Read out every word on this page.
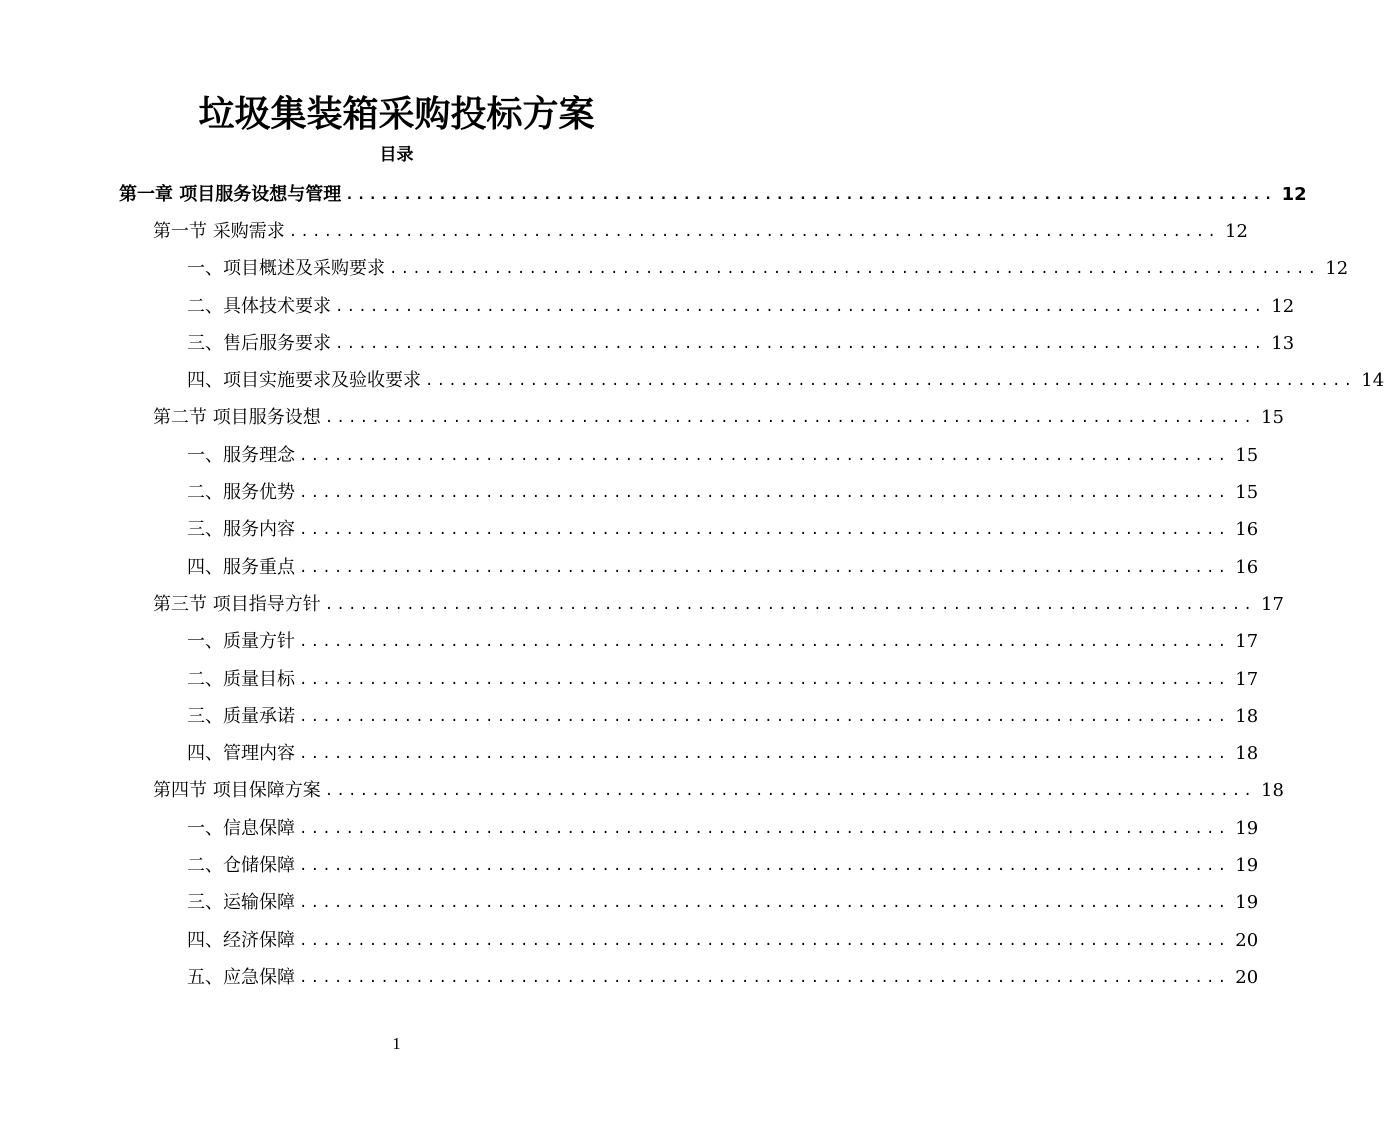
垃圾集装箱采购投标方案
目录
第一章 项目服务设想与管理 ................................................................................ 12
第一节 采购需求 ................................................................................ 12
一、项目概述及采购要求 ................................................................................ 12
二、具体技术要求 ................................................................................ 12
三、售后服务要求 ................................................................................ 13
四、项目实施要求及验收要求 ................................................................................ 14
第二节 项目服务设想 ................................................................................ 15
一、服务理念 ................................................................................ 15
二、服务优势 ................................................................................ 15
三、服务内容 ................................................................................ 16
四、服务重点 ................................................................................ 16
第三节 项目指导方针 ................................................................................ 17
一、质量方针 ................................................................................ 17
二、质量目标 ................................................................................ 17
三、质量承诺 ................................................................................ 18
四、管理内容 ................................................................................ 18
第四节 项目保障方案 ................................................................................ 18
一、信息保障 ................................................................................ 19
二、仓储保障 ................................................................................ 19
三、运输保障 ................................................................................ 19
四、经济保障 ................................................................................ 20
五、应急保障 ................................................................................ 20
1
